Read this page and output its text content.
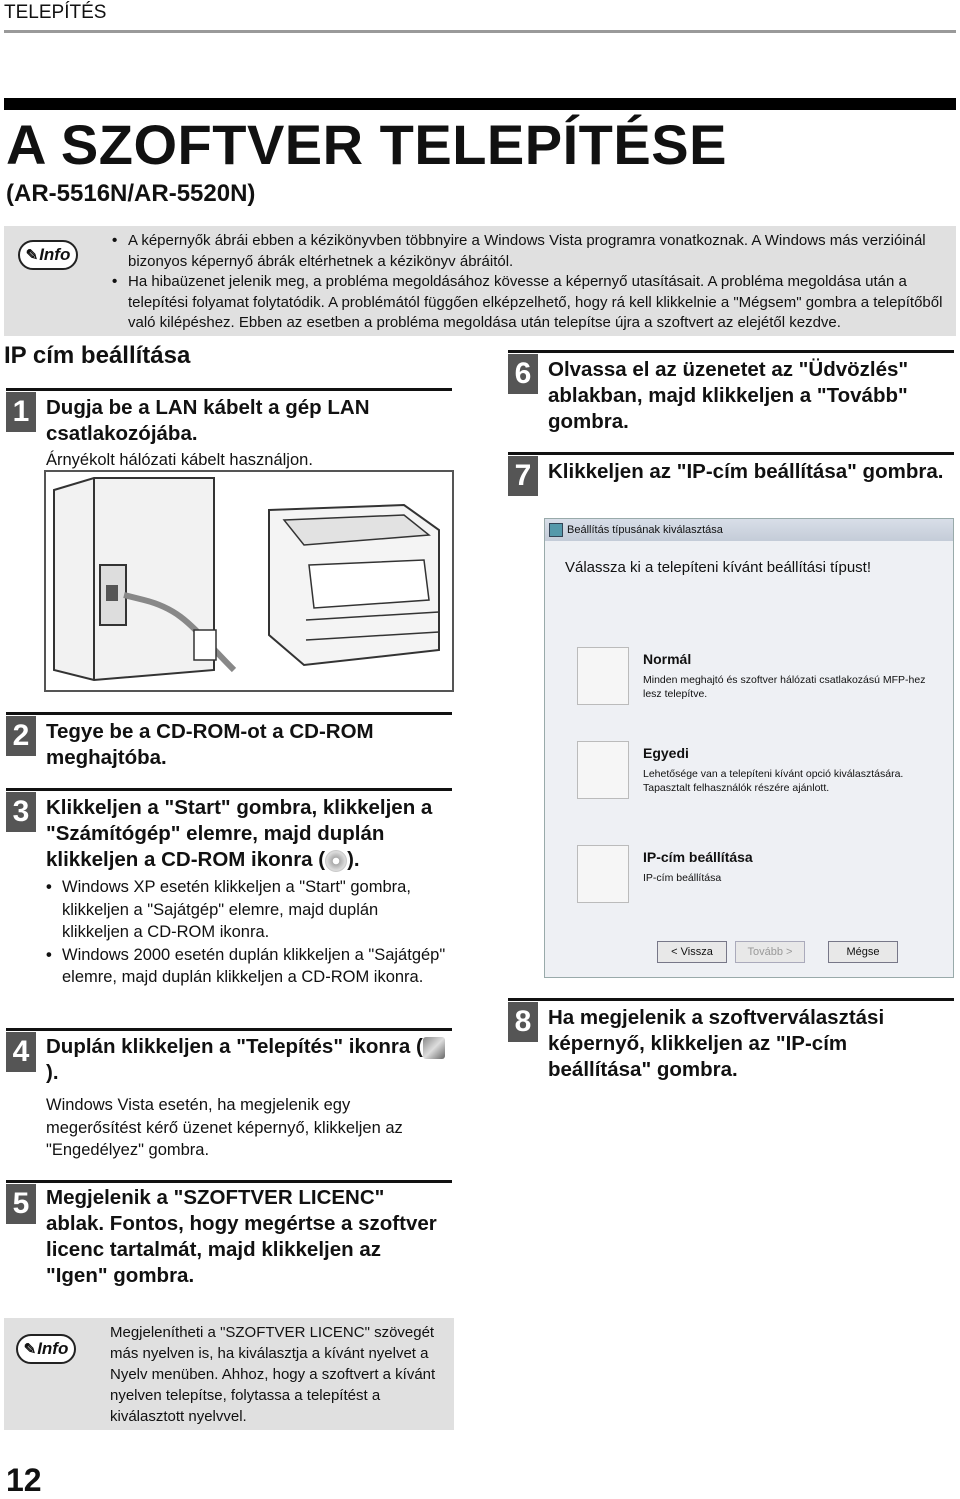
TELEPÍTÉS
A SZOFTVER TELEPÍTÉSE
(AR-5516N/AR-5520N)
✎ Info
• A képernyők ábrái ebben a kézikönyvben többnyire a Windows Vista programra vonatkoznak. A Windows más verzióinál bizonyos képernyő ábrák eltérhetnek a kézikönyv ábráitól.
• Ha hibaüzenet jelenik meg, a probléma megoldásához kövesse a képernyő utasításait. A probléma megoldása után a telepítési folyamat folytatódik. A problémától függően elképzelhető, hogy rá kell klikkelnie a "Mégsem" gombra a telepítőből való kilépéshez. Ebben az esetben a probléma megoldása után telepítse újra a szoftvert az elejétől kezdve.
IP cím beállítása
1 Dugja be a LAN kábelt a gép LAN csatlakozójába.
Árnyékolt hálózati kábelt használjon.
2 Tegye be a CD-ROM-ot a CD-ROM meghajtóba.
3 Klikkeljen a "Start" gombra, klikkeljen a "Számítógép" elemre, majd duplán klikkeljen a CD-ROM ikonra ( ).
• Windows XP esetén klikkeljen a "Start" gombra, klikkeljen a "Sajátgép" elemre, majd duplán klikkeljen a CD-ROM ikonra.
• Windows 2000 esetén duplán klikkeljen a "Sajátgép" elemre, majd duplán klikkeljen a CD-ROM ikonra.
4 Duplán klikkeljen a "Telepítés" ikonra ().
Windows Vista esetén, ha megjelenik egy megerősítést kérő üzenet képernyő, klikkeljen az "Engedélyez" gombra.
5 Megjelenik a "SZOFTVER LICENC" ablak. Fontos, hogy megértse a szoftver licenc tartalmát, majd klikkeljen az "Igen" gombra.
✎ Info
Megjelenítheti a "SZOFTVER LICENC" szövegét más nyelven is, ha kiválasztja a kívánt nyelvet a Nyelv menüben. Ahhoz, hogy a szoftvert a kívánt nyelven telepítse, folytassa a telepítést a kiválasztott nyelvvel.
6 Olvassa el az üzenetet az "Üdvözlés" ablakban, majd klikkeljen a "Tovább" gombra.
7 Klikkeljen az "IP-cím beállítása" gombra.
Beállítás típusának kiválasztása
Válassza ki a telepíteni kívánt beállítási típust!
Normál
Minden meghajtó és szoftver hálózati csatlakozású MFP-hez lesz telepítve.
Egyedi
Lehetősége van a telepíteni kívánt opció kiválasztására. Tapasztalt felhasználók részére ajánlott.
IP-cím beállítása
IP-cím beállítása
< Vissza	Tovább >	Mégse
8 Ha megjelenik a szoftverválasztási képernyő, klikkeljen az "IP-cím beállítása" gombra.
12
